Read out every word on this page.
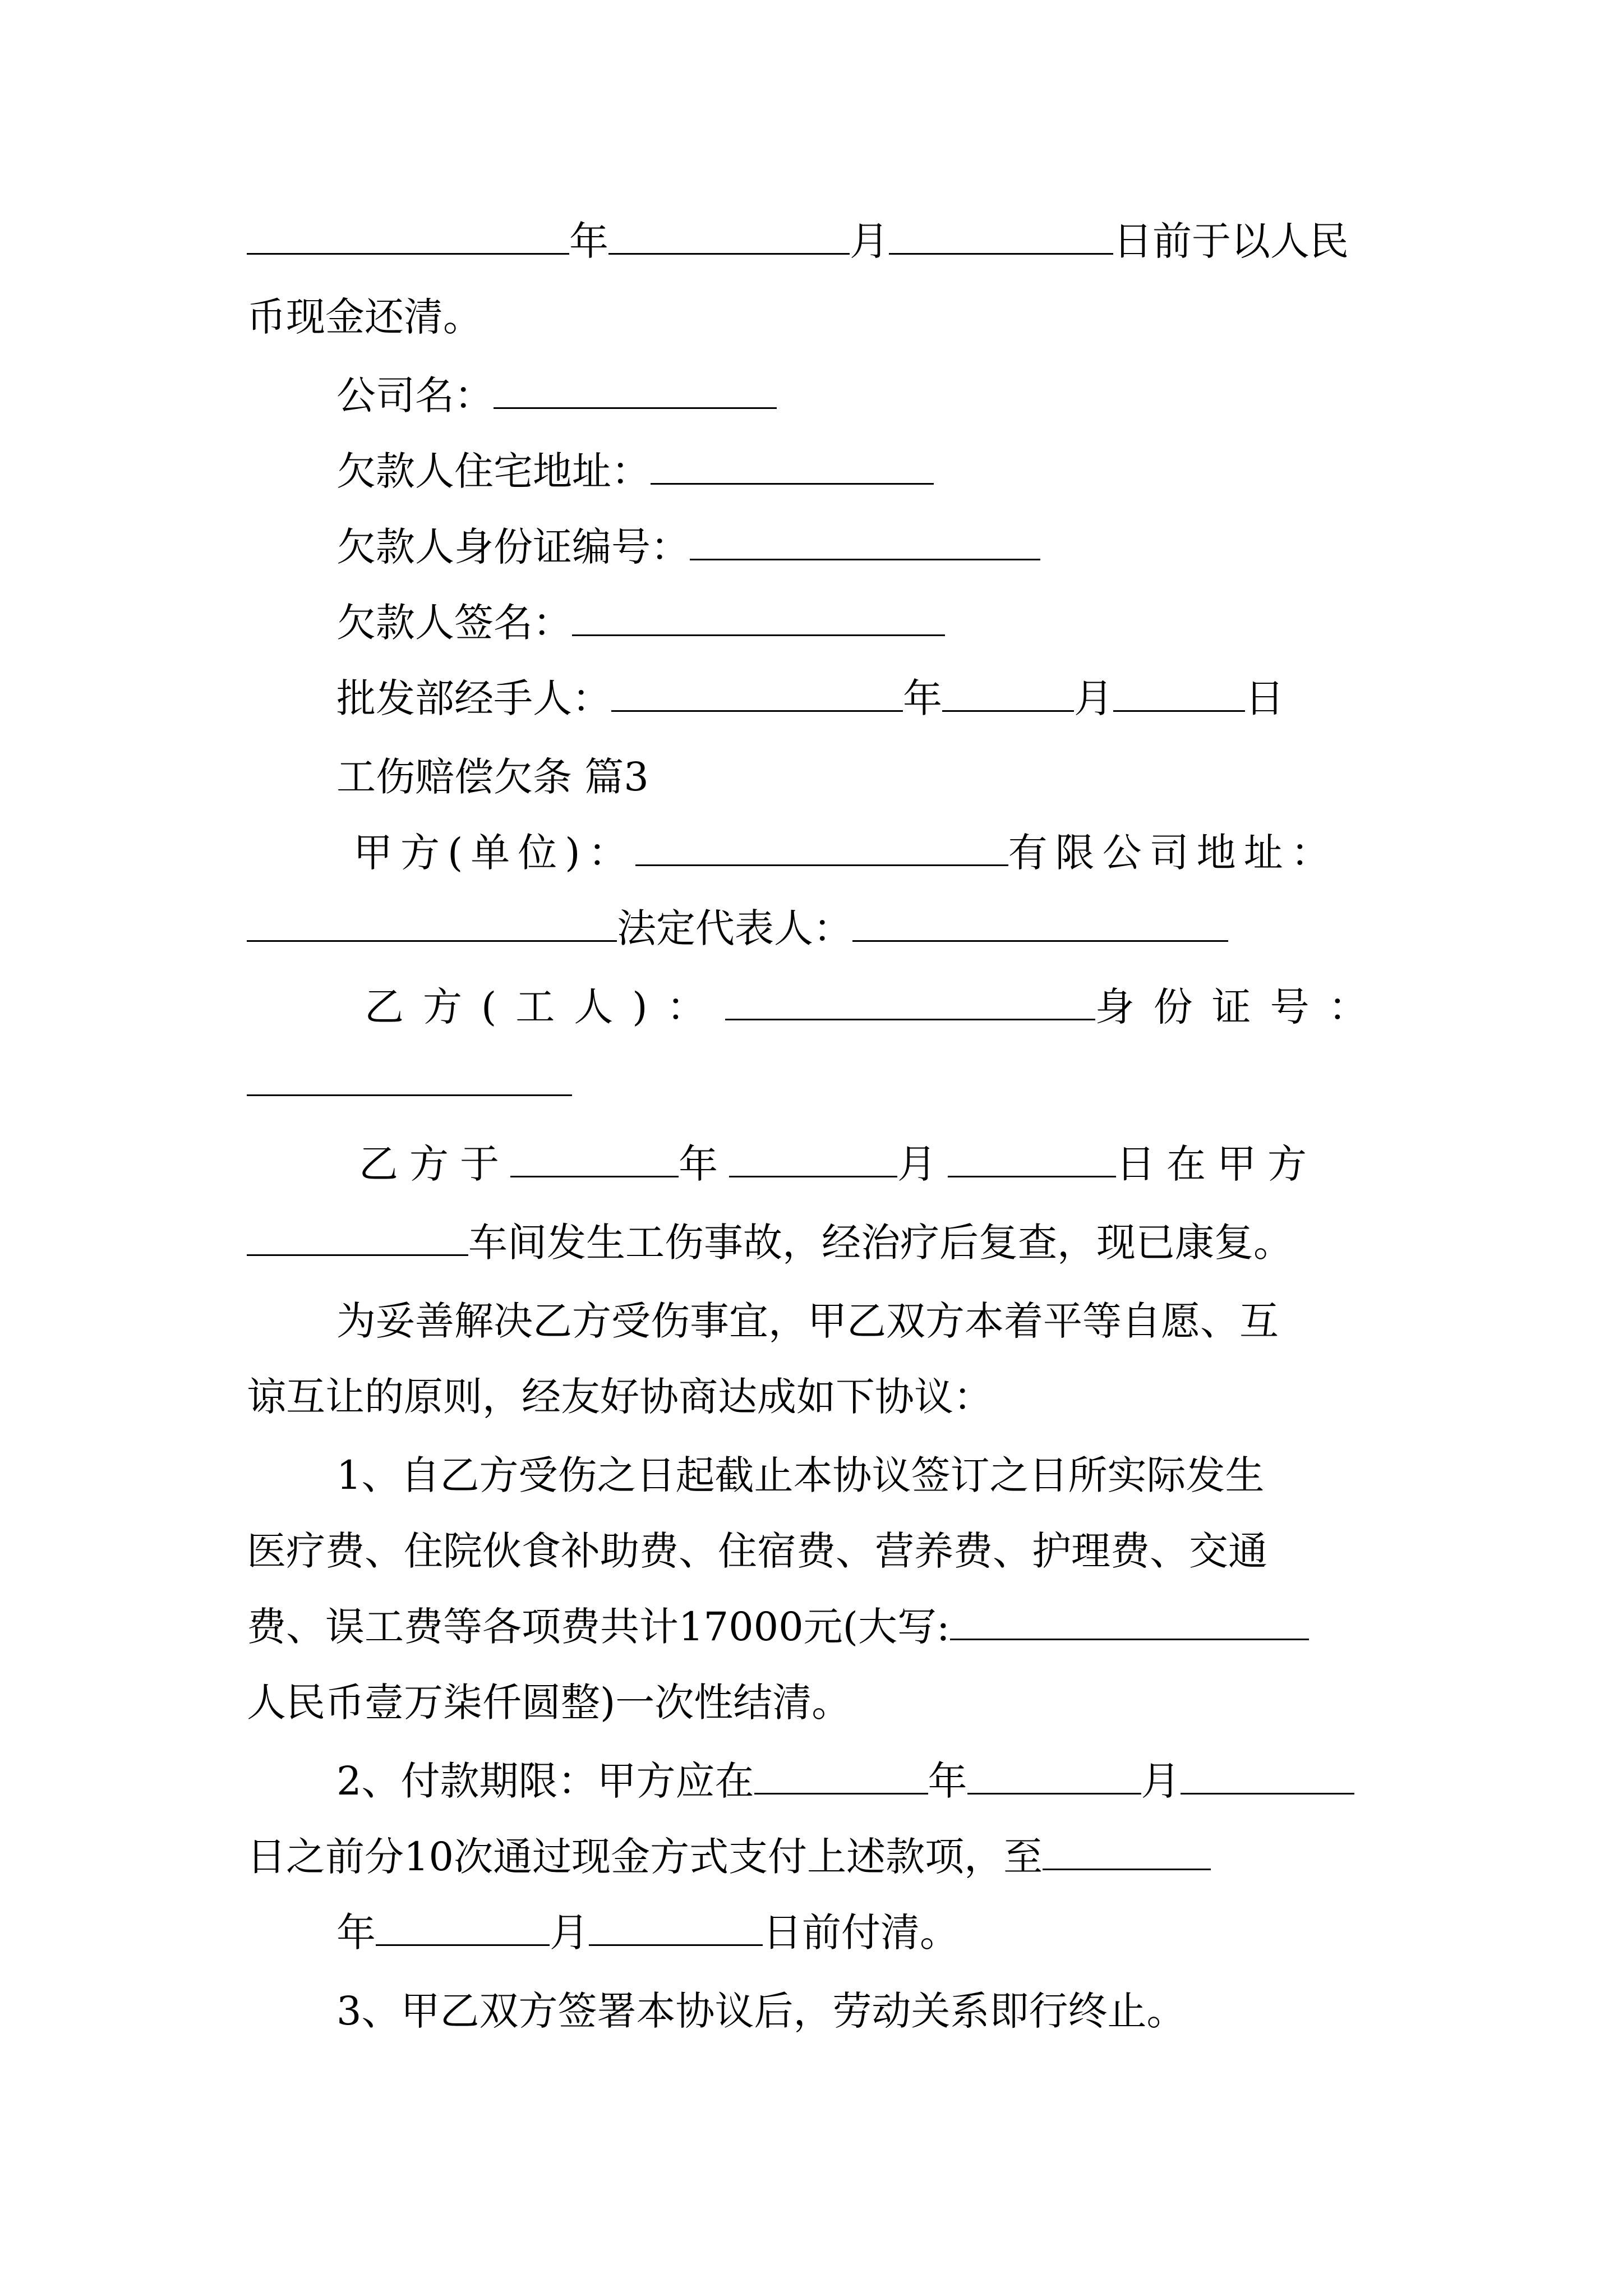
年	月	日前于以人民
币现金还清。
公司名：
欠款人住宅地址：
欠款人身份证编号：
欠款人签名：
批发部经手人：	年	月	日
工伤赔偿欠条 篇3
甲方(单位)：	有限公司地址：
法定代表人：
乙方(工人)：	身份证号：
乙方于	年	月	日在甲方
车间发生工伤事故，经治疗后复查，现已康复。
为妥善解决乙方受伤事宜，甲乙双方本着平等自愿、互
谅互让的原则，经友好协商达成如下协议：
1、自乙方受伤之日起截止本协议签订之日所实际发生
医疗费、住院伙食补助费、住宿费、营养费、护理费、交通
费、误工费等各项费共计17000元(大写:
人民币壹万柒仟圆整)一次性结清。
2、付款期限：甲方应在	年	月
日之前分10次通过现金方式支付上述款项，至
年	月	日前付清。
3、甲乙双方签署本协议后，劳动关系即行终止。
